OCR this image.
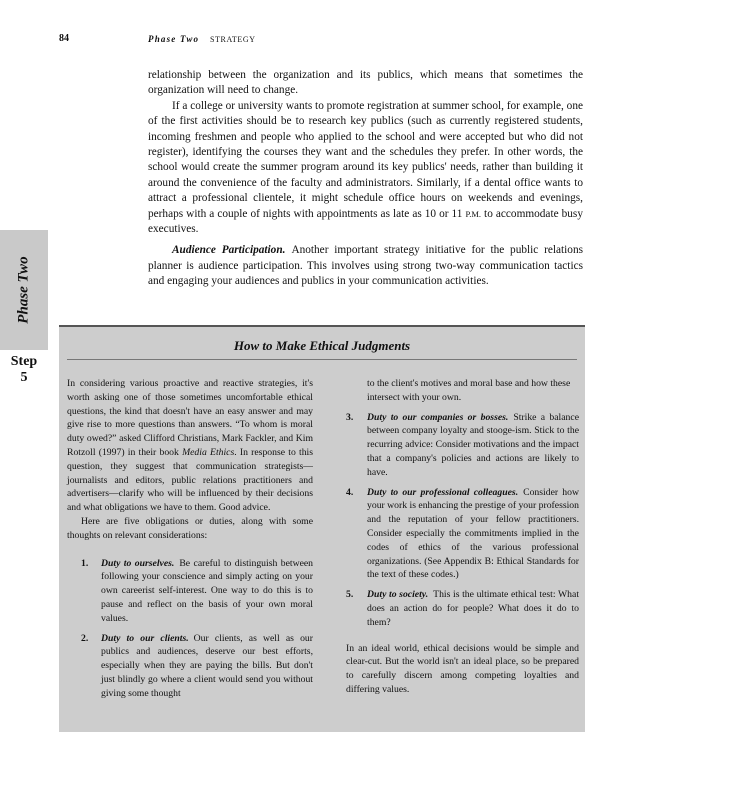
84	Phase Two STRATEGY
Phase Two
Step
5

relationship between the organization and its publics, which means that sometimes the organization will need to change.

If a college or university wants to promote registration at summer school, for example, one of the first activities should be to research key publics (such as currently registered students, incoming freshmen and people who applied to the school and were accepted but who did not register), identifying the courses they want and the schedules they prefer. In other words, the school would create the summer program around its key publics' needs, rather than building it around the convenience of the faculty and administrators. Similarly, if a dental office wants to attract a professional clientele, it might schedule office hours on weekends and evenings, perhaps with a couple of nights with appointments as late as 10 or 11 P.M. to accommodate busy executives.

Audience Participation. Another important strategy initiative for the public relations planner is audience participation. This involves using strong two-way communication tactics and engaging your audiences and publics in your communication activities.

How to Make Ethical Judgments

In considering various proactive and reactive strategies, it's worth asking one of those sometimes uncomfortable ethical questions, the kind that doesn't have an easy answer and may give rise to more questions than answers. “To whom is moral duty owed?” asked Clifford Christians, Mark Fackler, and Kim Rotzoll (1997) in their book Media Ethics. In response to this question, they suggest that communication strategists—journalists and editors, public relations practitioners and advertisers—clarify who will be influenced by their decisions and what obligations we have to them. Good advice.

Here are five obligations or duties, along with some thoughts on relevant considerations:

1. Duty to ourselves. Be careful to distinguish between following your conscience and simply acting on your own careerist self-interest. One way to do this is to pause and reflect on the basis of your own moral values.

2. Duty to our clients. Our clients, as well as our publics and audiences, deserve our best efforts, especially when they are paying the bills. But don't just blindly go where a client would send you without giving some thought

to the client's motives and moral base and how these intersect with your own.

3. Duty to our companies or bosses. Strike a balance between company loyalty and stooge-ism. Stick to the recurring advice: Consider motivations and the impact that a company's policies and actions are likely to have.

4. Duty to our professional colleagues. Consider how your work is enhancing the prestige of your profession and the reputation of your fellow practitioners. Consider especially the commitments implied in the codes of ethics of the various professional organizations. (See Appendix B: Ethical Standards for the text of these codes.)

5. Duty to society. This is the ultimate ethical test: What does an action do for people? What does it do to them?

In an ideal world, ethical decisions would be simple and clear-cut. But the world isn't an ideal place, so be prepared to carefully discern among competing loyalties and differing values.
